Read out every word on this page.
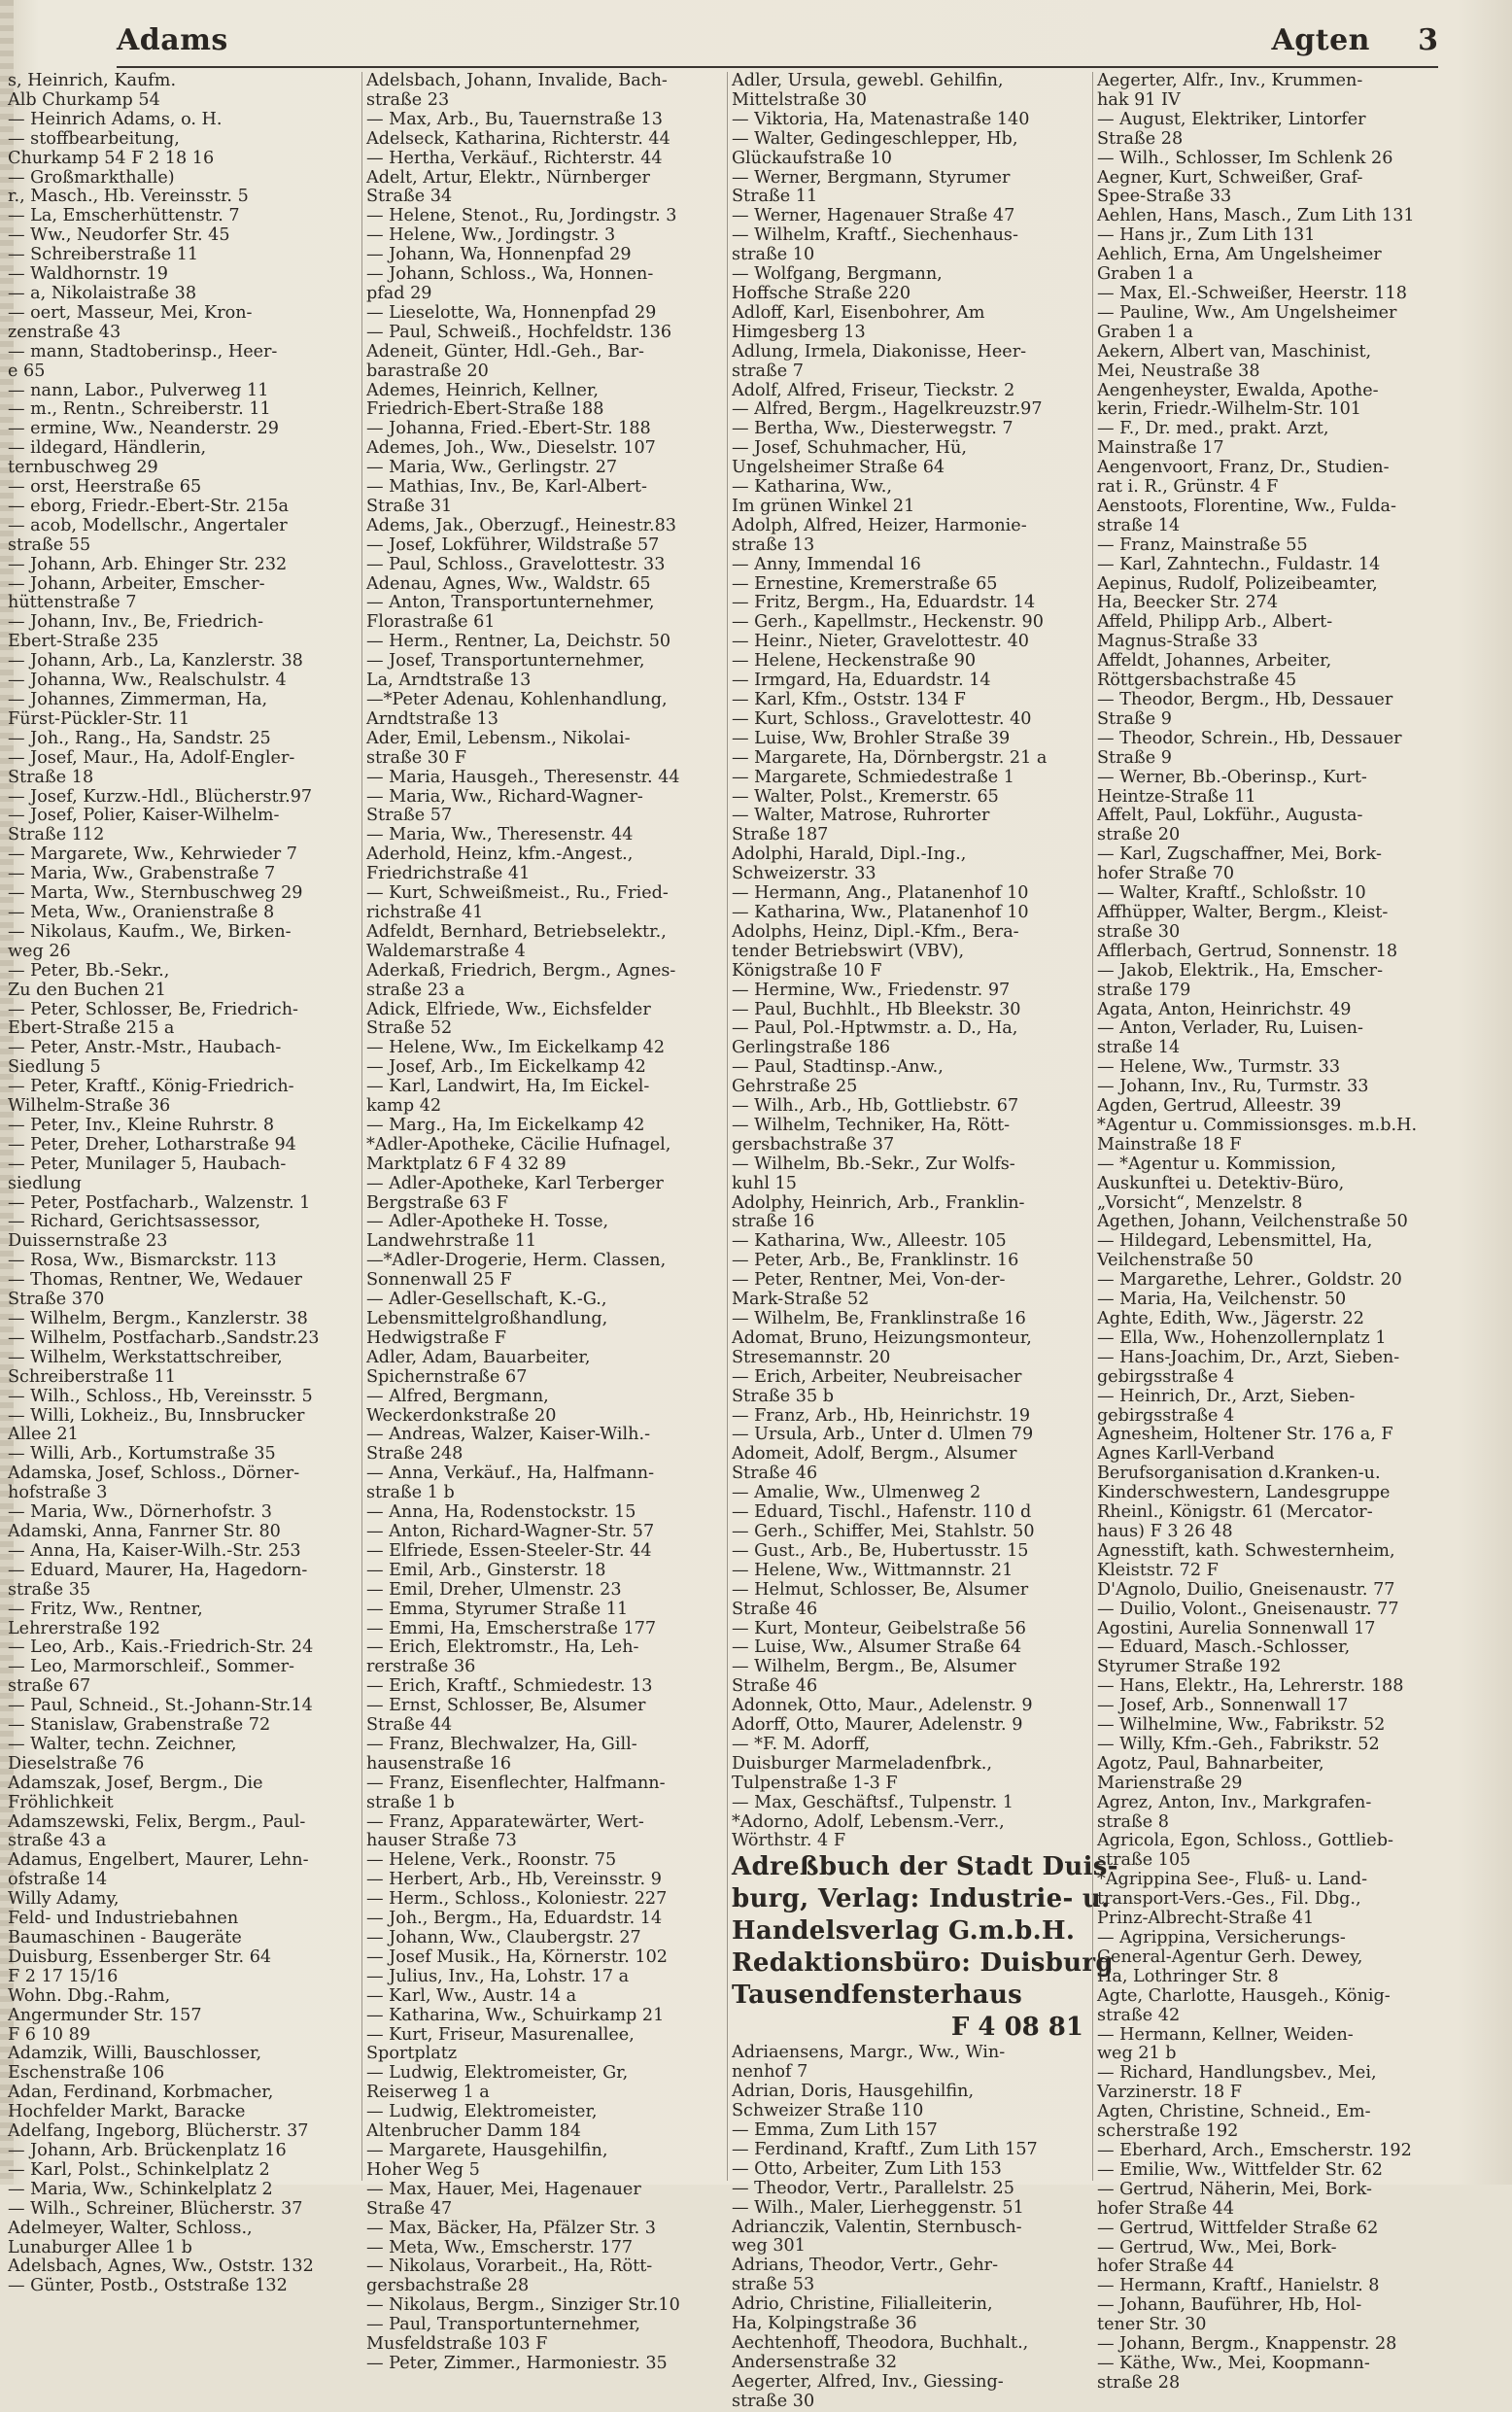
Adams	Agten 3
s, Heinrich, Kaufm.
Alb Churkamp 54
— Heinrich Adams, o. H.
— stoffbearbeitung,
Churkamp 54 F 2 18 16
— Großmarkthalle)
r., Masch., Hb. Vereinsstr. 5
— La, Emscherhüttenstr. 7
— Ww., Neudorfer Str. 45
— Schreiberstraße 11
— Waldhornstr. 19
— a, Nikolaistraße 38
— oert, Masseur, Mei, Kron-
zenstraße 43
— mann, Stadtoberinsp., Heer-
e 65
— nann, Labor., Pulverweg 11
— m., Rentn., Schreiberstr. 11
— ermine, Ww., Neanderstr. 29
— ildegard, Händlerin,
ternbuschweg 29
— orst, Heerstraße 65
— eborg, Friedr.-Ebert-Str. 215a
— acob, Modellschr., Angertaler
straße 55
— Johann, Arb. Ehinger Str. 232
— Johann, Arbeiter, Emscher-
hüttenstraße 7
— Johann, Inv., Be, Friedrich-
Ebert-Straße 235
— Johann, Arb., La, Kanzlerstr. 38
— Johanna, Ww., Realschulstr. 4
— Johannes, Zimmerman, Ha,
Fürst-Pückler-Str. 11
— Joh., Rang., Ha, Sandstr. 25
— Josef, Maur., Ha, Adolf-Engler-
Straße 18
— Josef, Kurzw.-Hdl., Blücherstr.97
— Josef, Polier, Kaiser-Wilhelm-
Straße 112
— Margarete, Ww., Kehrwieder 7
— Maria, Ww., Grabenstraße 7
— Marta, Ww., Sternbuschweg 29
— Meta, Ww., Oranienstraße 8
— Nikolaus, Kaufm., We, Birken-
weg 26
— Peter, Bb.-Sekr.,
Zu den Buchen 21
— Peter, Schlosser, Be, Friedrich-
Ebert-Straße 215 a
— Peter, Anstr.-Mstr., Haubach-
Siedlung 5
— Peter, Kraftf., König-Friedrich-
Wilhelm-Straße 36
— Peter, Inv., Kleine Ruhrstr. 8
— Peter, Dreher, Lotharstraße 94
— Peter, Munilager 5, Haubach-
siedlung
— Peter, Postfacharb., Walzenstr. 1
— Richard, Gerichtsassessor,
Duissernstraße 23
— Rosa, Ww., Bismarckstr. 113
— Thomas, Rentner, We, Wedauer
Straße 370
— Wilhelm, Bergm., Kanzlerstr. 38
— Wilhelm, Postfacharb.,Sandstr.23
— Wilhelm, Werkstattschreiber,
Schreiberstraße 11
— Wilh., Schloss., Hb, Vereinsstr. 5
— Willi, Lokheiz., Bu, Innsbrucker
Allee 21
— Willi, Arb., Kortumstraße 35
Adamska, Josef, Schloss., Dörner-
hofstraße 3
— Maria, Ww., Dörnerhofstr. 3
Adamski, Anna, Fanrner Str. 80
— Anna, Ha, Kaiser-Wilh.-Str. 253
— Eduard, Maurer, Ha, Hagedorn-
straße 35
— Fritz, Ww., Rentner,
Lehrerstraße 192
— Leo, Arb., Kais.-Friedrich-Str. 24
— Leo, Marmorschleif., Sommer-
straße 67
— Paul, Schneid., St.-Johann-Str.14
— Stanislaw, Grabenstraße 72
— Walter, techn. Zeichner,
Dieselstraße 76
Adamszak, Josef, Bergm., Die
Fröhlichkeit
Adamszewski, Felix, Bergm., Paul-
straße 43 a
Adamus, Engelbert, Maurer, Lehn-
ofstraße 14
Willy Adamy,
Feld- und Industriebahnen
Baumaschinen - Baugeräte
Duisburg, Essenberger Str. 64
F 2 17 15/16
Wohn. Dbg.-Rahm,
Angermunder Str. 157
F 6 10 89
Adamzik, Willi, Bauschlosser,
Eschenstraße 106
Adan, Ferdinand, Korbmacher,
Hochfelder Markt, Baracke
Adelfang, Ingeborg, Blücherstr. 37
— Johann, Arb. Brückenplatz 16
— Karl, Polst., Schinkelplatz 2
— Maria, Ww., Schinkelplatz 2
— Wilh., Schreiner, Blücherstr. 37
Adelmeyer, Walter, Schloss.,
Lunaburger Allee 1 b
Adelsbach, Agnes, Ww., Oststr. 132
— Günter, Postb., Oststraße 132
Adelsbach, Johann, Invalide, Bach-
straße 23
— Max, Arb., Bu, Tauernstraße 13
Adelseck, Katharina, Richterstr. 44
— Hertha, Verkäuf., Richterstr. 44
Adelt, Artur, Elektr., Nürnberger
Straße 34
— Helene, Stenot., Ru, Jordingstr. 3
— Helene, Ww., Jordingstr. 3
— Johann, Wa, Honnenpfad 29
— Johann, Schloss., Wa, Honnen-
pfad 29
— Lieselotte, Wa, Honnenpfad 29
— Paul, Schweiß., Hochfeldstr. 136
Adeneit, Günter, Hdl.-Geh., Bar-
barastraße 20
Ademes, Heinrich, Kellner,
Friedrich-Ebert-Straße 188
— Johanna, Fried.-Ebert-Str. 188
Ademes, Joh., Ww., Dieselstr. 107
— Maria, Ww., Gerlingstr. 27
— Mathias, Inv., Be, Karl-Albert-
Straße 31
Adems, Jak., Oberzugf., Heinestr.83
— Josef, Lokführer, Wildstraße 57
— Paul, Schloss., Gravelottestr. 33
Adenau, Agnes, Ww., Waldstr. 65
— Anton, Transportunternehmer,
Florastraße 61
— Herm., Rentner, La, Deichstr. 50
— Josef, Transportunternehmer,
La, Arndtstraße 13
—*Peter Adenau, Kohlenhandlung,
Arndtstraße 13
Ader, Emil, Lebensm., Nikolai-
straße 30 F
— Maria, Hausgeh., Theresenstr. 44
— Maria, Ww., Richard-Wagner-
Straße 57
— Maria, Ww., Theresenstr. 44
Aderhold, Heinz, kfm.-Angest.,
Friedrichstraße 41
— Kurt, Schweißmeist., Ru., Fried-
richstraße 41
Adfeldt, Bernhard, Betriebselektr.,
Waldemarstraße 4
Aderkaß, Friedrich, Bergm., Agnes-
straße 23 a
Adick, Elfriede, Ww., Eichsfelder
Straße 52
— Helene, Ww., Im Eickelkamp 42
— Josef, Arb., Im Eickelkamp 42
— Karl, Landwirt, Ha, Im Eickel-
kamp 42
— Marg., Ha, Im Eickelkamp 42
*Adler-Apotheke, Cäcilie Hufnagel,
Marktplatz 6 F 4 32 89
— Adler-Apotheke, Karl Terberger
Bergstraße 63 F
— Adler-Apotheke H. Tosse,
Landwehrstraße 11
—*Adler-Drogerie, Herm. Classen,
Sonnenwall 25 F
— Adler-Gesellschaft, K.-G.,
Lebensmittelgroßhandlung,
Hedwigstraße F
Adler, Adam, Bauarbeiter,
Spichernstraße 67
— Alfred, Bergmann,
Weckerdonkstraße 20
— Andreas, Walzer, Kaiser-Wilh.-
Straße 248
— Anna, Verkäuf., Ha, Halfmann-
straße 1 b
— Anna, Ha, Rodenstockstr. 15
— Anton, Richard-Wagner-Str. 57
— Elfriede, Essen-Steeler-Str. 44
— Emil, Arb., Ginsterstr. 18
— Emil, Dreher, Ulmenstr. 23
— Emma, Styrumer Straße 11
— Emmi, Ha, Emscherstraße 177
— Erich, Elektromstr., Ha, Leh-
rerstraße 36
— Erich, Kraftf., Schmiedestr. 13
— Ernst, Schlosser, Be, Alsumer
Straße 44
— Franz, Blechwalzer, Ha, Gill-
hausenstraße 16
— Franz, Eisenflechter, Halfmann-
straße 1 b
— Franz, Apparatewärter, Wert-
hauser Straße 73
— Helene, Verk., Roonstr. 75
— Herbert, Arb., Hb, Vereinsstr. 9
— Herm., Schloss., Koloniestr. 227
— Joh., Bergm., Ha, Eduardstr. 14
— Johann, Ww., Claubergstr. 27
— Josef Musik., Ha, Körnerstr. 102
— Julius, Inv., Ha, Lohstr. 17 a
— Karl, Ww., Austr. 14 a
— Katharina, Ww., Schuirkamp 21
— Kurt, Friseur, Masurenallee,
Sportplatz
— Ludwig, Elektromeister, Gr,
Reiserweg 1 a
— Ludwig, Elektromeister,
Altenbrucher Damm 184
— Margarete, Hausgehilfin,
Hoher Weg 5
— Max, Hauer, Mei, Hagenauer
Straße 47
— Max, Bäcker, Ha, Pfälzer Str. 3
— Meta, Ww., Emscherstr. 177
— Nikolaus, Vorarbeit., Ha, Rött-
gersbachstraße 28
— Nikolaus, Bergm., Sinziger Str.10
— Paul, Transportunternehmer,
Musfeldstraße 103 F
— Peter, Zimmer., Harmoniestr. 35
Adler, Ursula, gewebl. Gehilfin,
Mittelstraße 30
— Viktoria, Ha, Matenastraße 140
— Walter, Gedingeschlepper, Hb,
Glückaufstraße 10
— Werner, Bergmann, Styrumer
Straße 11
— Werner, Hagenauer Straße 47
— Wilhelm, Kraftf., Siechenhaus-
straße 10
— Wolfgang, Bergmann,
Hoffsche Straße 220
Adloff, Karl, Eisenbohrer, Am
Himgesberg 13
Adlung, Irmela, Diakonisse, Heer-
straße 7
Adolf, Alfred, Friseur, Tieckstr. 2
— Alfred, Bergm., Hagelkreuzstr.97
— Bertha, Ww., Diesterwegstr. 7
— Josef, Schuhmacher, Hü,
Ungelsheimer Straße 64
— Katharina, Ww.,
Im grünen Winkel 21
Adolph, Alfred, Heizer, Harmonie-
straße 13
— Anny, Immendal 16
— Ernestine, Kremerstraße 65
— Fritz, Bergm., Ha, Eduardstr. 14
— Gerh., Kapellmstr., Heckenstr. 90
— Heinr., Nieter, Gravelottestr. 40
— Helene, Heckenstraße 90
— Irmgard, Ha, Eduardstr. 14
— Karl, Kfm., Oststr. 134 F
— Kurt, Schloss., Gravelottestr. 40
— Luise, Ww, Brohler Straße 39
— Margarete, Ha, Dörnbergstr. 21 a
— Margarete, Schmiedestraße 1
— Walter, Polst., Kremerstr. 65
— Walter, Matrose, Ruhrorter
Straße 187
Adolphi, Harald, Dipl.-Ing.,
Schweizerstr. 33
— Hermann, Ang., Platanenhof 10
— Katharina, Ww., Platanenhof 10
Adolphs, Heinz, Dipl.-Kfm., Bera-
tender Betriebswirt (VBV),
Königstraße 10 F
— Hermine, Ww., Friedenstr. 97
— Paul, Buchhlt., Hb Bleekstr. 30
— Paul, Pol.-Hptwmstr. a. D., Ha,
Gerlingstraße 186
— Paul, Stadtinsp.-Anw.,
Gehrstraße 25
— Wilh., Arb., Hb, Gottliebstr. 67
— Wilhelm, Techniker, Ha, Rött-
gersbachstraße 37
— Wilhelm, Bb.-Sekr., Zur Wolfs-
kuhl 15
Adolphy, Heinrich, Arb., Franklin-
straße 16
— Katharina, Ww., Alleestr. 105
— Peter, Arb., Be, Franklinstr. 16
— Peter, Rentner, Mei, Von-der-
Mark-Straße 52
— Wilhelm, Be, Franklinstraße 16
Adomat, Bruno, Heizungsmonteur,
Stresemannstr. 20
— Erich, Arbeiter, Neubreisacher
Straße 35 b
— Franz, Arb., Hb, Heinrichstr. 19
— Ursula, Arb., Unter d. Ulmen 79
Adomeit, Adolf, Bergm., Alsumer
Straße 46
— Amalie, Ww., Ulmenweg 2
— Eduard, Tischl., Hafenstr. 110 d
— Gerh., Schiffer, Mei, Stahlstr. 50
— Gust., Arb., Be, Hubertusstr. 15
— Helene, Ww., Wittmannstr. 21
— Helmut, Schlosser, Be, Alsumer
Straße 46
— Kurt, Monteur, Geibelstraße 56
— Luise, Ww., Alsumer Straße 64
— Wilhelm, Bergm., Be, Alsumer
Straße 46
Adonnek, Otto, Maur., Adelenstr. 9
Adorff, Otto, Maurer, Adelenstr. 9
— *F. M. Adorff,
Duisburger Marmeladenfbrk.,
Tulpenstraße 1-3 F
— Max, Geschäftsf., Tulpenstr. 1
*Adorno, Adolf, Lebensm.-Verr.,
Wörthstr. 4 F
Adreßbuch der Stadt Duis-
burg, Verlag: Industrie- u.
Handelsverlag G.m.b.H.
Redaktionsbüro: Duisburg
Tausendfensterhaus
F 4 08 81
Adriaensens, Margr., Ww., Win-
nenhof 7
Adrian, Doris, Hausgehilfin,
Schweizer Straße 110
— Emma, Zum Lith 157
— Ferdinand, Kraftf., Zum Lith 157
— Otto, Arbeiter, Zum Lith 153
— Theodor, Vertr., Parallelstr. 25
— Wilh., Maler, Lierheggenstr. 51
Adrianczik, Valentin, Sternbusch-
weg 301
Adrians, Theodor, Vertr., Gehr-
straße 53
Adrio, Christine, Filialleiterin,
Ha, Kolpingstraße 36
Aechtenhoff, Theodora, Buchhalt.,
Andersenstraße 32
Aegerter, Alfred, Inv., Giessing-
straße 30
Aegerter, Alfr., Inv., Krummen-
hak 91 IV
— August, Elektriker, Lintorfer
Straße 28
— Wilh., Schlosser, Im Schlenk 26
Aegner, Kurt, Schweißer, Graf-
Spee-Straße 33
Aehlen, Hans, Masch., Zum Lith 131
— Hans jr., Zum Lith 131
Aehlich, Erna, Am Ungelsheimer
Graben 1 a
— Max, El.-Schweißer, Heerstr. 118
— Pauline, Ww., Am Ungelsheimer
Graben 1 a
Aekern, Albert van, Maschinist,
Mei, Neustraße 38
Aengenheyster, Ewalda, Apothe-
kerin, Friedr.-Wilhelm-Str. 101
— F., Dr. med., prakt. Arzt,
Mainstraße 17
Aengenvoort, Franz, Dr., Studien-
rat i. R., Grünstr. 4 F
Aenstoots, Florentine, Ww., Fulda-
straße 14
— Franz, Mainstraße 55
— Karl, Zahntechn., Fuldastr. 14
Aepinus, Rudolf, Polizeibeamter,
Ha, Beecker Str. 274
Affeld, Philipp Arb., Albert-
Magnus-Straße 33
Affeldt, Johannes, Arbeiter,
Röttgersbachstraße 45
— Theodor, Bergm., Hb, Dessauer
Straße 9
— Theodor, Schrein., Hb, Dessauer
Straße 9
— Werner, Bb.-Oberinsp., Kurt-
Heintze-Straße 11
Affelt, Paul, Lokführ., Augusta-
straße 20
— Karl, Zugschaffner, Mei, Bork-
hofer Straße 70
— Walter, Kraftf., Schloßstr. 10
Affhüpper, Walter, Bergm., Kleist-
straße 30
Afflerbach, Gertrud, Sonnenstr. 18
— Jakob, Elektrik., Ha, Emscher-
straße 179
Agata, Anton, Heinrichstr. 49
— Anton, Verlader, Ru, Luisen-
straße 14
— Helene, Ww., Turmstr. 33
— Johann, Inv., Ru, Turmstr. 33
Agden, Gertrud, Alleestr. 39
*Agentur u. Commissionsges. m.b.H.
Mainstraße 18 F
— *Agentur u. Kommission,
Auskunftei u. Detektiv-Büro,
„Vorsicht“, Menzelstr. 8
Agethen, Johann, Veilchenstraße 50
— Hildegard, Lebensmittel, Ha,
Veilchenstraße 50
— Margarethe, Lehrer., Goldstr. 20
— Maria, Ha, Veilchenstr. 50
Aghte, Edith, Ww., Jägerstr. 22
— Ella, Ww., Hohenzollernplatz 1
— Hans-Joachim, Dr., Arzt, Sieben-
gebirgsstraße 4
— Heinrich, Dr., Arzt, Sieben-
gebirgsstraße 4
Agnesheim, Holtener Str. 176 a, F
Agnes Karll-Verband
Berufsorganisation d.Kranken-u.
Kinderschwestern, Landesgruppe
Rheinl., Königstr. 61 (Mercator-
haus) F 3 26 48
Agnesstift, kath. Schwesternheim,
Kleiststr. 72 F
D'Agnolo, Duilio, Gneisenaustr. 77
— Duilio, Volont., Gneisenaustr. 77
Agostini, Aurelia Sonnenwall 17
— Eduard, Masch.-Schlosser,
Styrumer Straße 192
— Hans, Elektr., Ha, Lehrerstr. 188
— Josef, Arb., Sonnenwall 17
— Wilhelmine, Ww., Fabrikstr. 52
— Willy, Kfm.-Geh., Fabrikstr. 52
Agotz, Paul, Bahnarbeiter,
Marienstraße 29
Agrez, Anton, Inv., Markgrafen-
straße 8
Agricola, Egon, Schloss., Gottlieb-
straße 105
*Agrippina See-, Fluß- u. Land-
transport-Vers.-Ges., Fil. Dbg.,
Prinz-Albrecht-Straße 41
— Agrippina, Versicherungs-
General-Agentur Gerh. Dewey,
Ha, Lothringer Str. 8
Agte, Charlotte, Hausgeh., König-
straße 42
— Hermann, Kellner, Weiden-
weg 21 b
— Richard, Handlungsbev., Mei,
Varzinerstr. 18 F
Agten, Christine, Schneid., Em-
scherstraße 192
— Eberhard, Arch., Emscherstr. 192
— Emilie, Ww., Wittfelder Str. 62
— Gertrud, Näherin, Mei, Bork-
hofer Straße 44
— Gertrud, Wittfelder Straße 62
— Gertrud, Ww., Mei, Bork-
hofer Straße 44
— Hermann, Kraftf., Hanielstr. 8
— Johann, Bauführer, Hb, Hol-
tener Str. 30
— Johann, Bergm., Knappenstr. 28
— Käthe, Ww., Mei, Koopmann-
straße 28
